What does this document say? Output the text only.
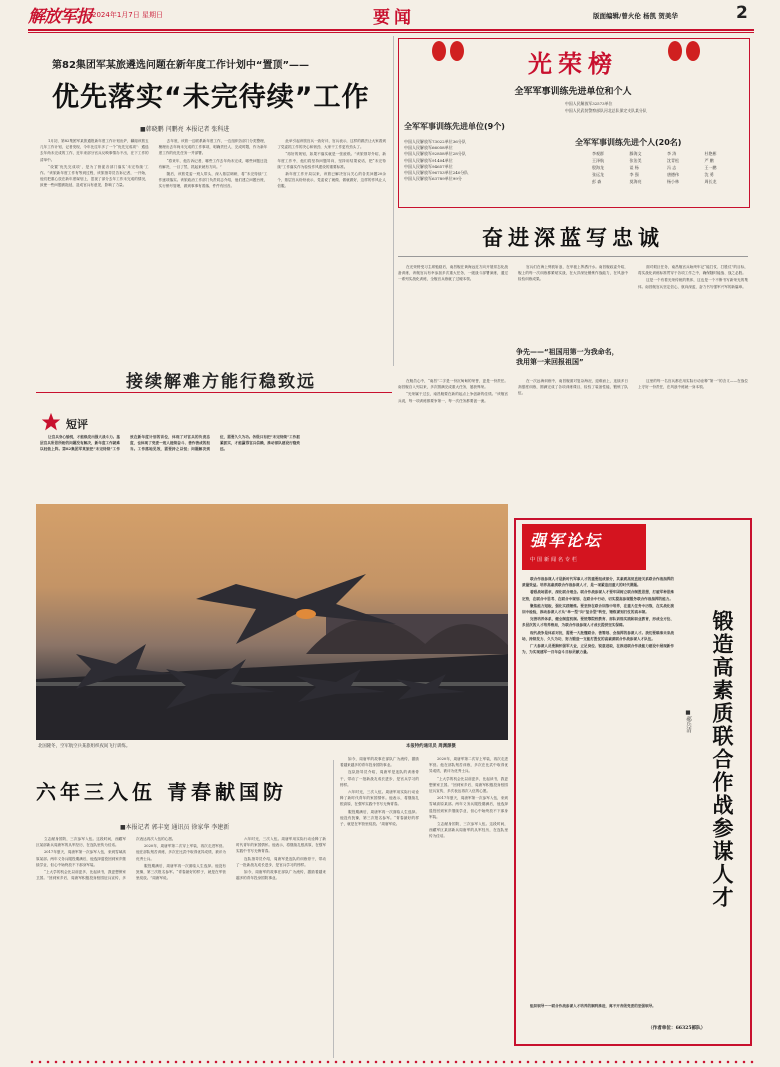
解放军报 2024年1月7日 星期日	要闻	版面编辑/曾火伦 杨凯 贺美华	2
第82集团军某旅遴选问题在新年度工作计划中“置顶”——
优先落实“未完待续”工作
■韩晓鹏 闫鹏亮 本报记者 张科进

1月初，第82集团军某旅通报新年度工作计划出炉，翻阅该旅五几年工作计划，记者发现，今年比往年多了一个“优先完成项”：遴选去年尚未完成的工作，近年来部分官兵反映事情办不出，在下工作的清单中。

“设置‘优先完成项’，是为了督促各部门落实‘未完待续’工作。”该旅新年度工作有等到过程，该旅指导员告诉记者，一开始，他们把重心放在新年度谋划上，忽视了部分去年工作未完成的情况，致使一些问题被拖延，造成官兵有意见，影响了力量。

去年底，该旅一边联系新年度工作，一边组织各部门分类整理，梳理出去年尚未完成的工作事项，明确责任人、完成时限，作为新年度工作的优先任务一并部署。

“将来年，他告诉记者，哪些工作去年尚未完成，哪些问题还没有解决，一目了然，抓起来就有方向。”

随后，该旅党委一班人带头，深入基层调研，将“未完待续”工作逐项落实。该旅政治工作部门负责同志介绍，他们建立问题台账，实行销号管理，做到事事有着落、件件有回音。

此举引起该旅官兵一致好评，官兵表示，这样的做法让大家看到了党委抓工作的决心和韧劲，大家干工作更有劲头了。

“再好的规划，如果不落实就是一张废纸。”该旅领导介绍，新年度工作中，他们将坚持问题导向，坚持用结果说话，把“未完待续”工作落实作为检验作风建设的重要标准。

新年度工作开局以来，该旅已解决官兵关心的各类问题20余个，基层官兵纷纷表示，党委说了就做、做就做好，这样的作风让人信服。

光荣榜
全军军事训练先进单位和个人
中国人民解放军32573单位
中国人民武装警察部队河北总队保定支队某分队
全军军事训练先进单位(9个)
全军军事训练先进个人(20名)
中国人民解放军73022单位36分队
中国人民解放军66058单位
中国人民解放军92858单位28分队
中国人民解放军91404单位
中国人民解放军94657单位
中国人民解放军96753单位240分队
中国人民解放军63789单位99分
李观群	滕海文	李 涛	杜艳彬
王泽航	张治美	沈青松	严 鹏
殷海龙	谈 杨	冯 志	王一鹏
张远龙	李 强	唐德伟	沈 勇
彭 森	莫海亮	杨小林	周长龙
奋进深蓝写忠诚

在光荣榜受习主席勉励后，南昌舰在黄海远近方向开展常态化战备训练，该舰官兵有幸参加多次重大任务，一级战斗部署演练，通过一系列实战化训练，全舰官兵练就了过硬本领。

官兵们在海上劈波斩浪，在甲板上挥洒汗水。南昌舰政委介绍，舰上的每一次训练都紧贴实战，在大洋深处锤炼作战能力，在风浪中检验训练成果。

面对艰巨任务，南昌舰官兵始终牢记“能打仗、打胜仗”的目标，将实战化训练标准贯穿于各项工作之中，确保随时能战、战之必胜。

这是一个有着光荣传统的集体，这也是一个不断书写新荣光的集体。南昌舰官兵坚定信心，航向深蓝，奋力书写强军兴军的新篇章。

争先——“祖国用第一为我命名，我用第一来回报祖国”

在舰员心中，“南昌”二字是一份沉甸甸的荣誉，更是一份责任。南昌舰自入列以来，多次圆满完成重大任务，屡获殊荣。

“光荣属于过去，南昌舰要在新的起点上争创新的佳绩。”该舰官兵说，每一项训练都要争第一，每一次任务都要创一流。

在一次远海训练中，南昌舰面对复杂海况，迎难而上，连续多日高强度训练，圆满完成了各项训练课目，检验了装备性能，锻炼了队伍。

这里的每一名官兵都在用实际行动诠释“第一”的含义——在战位上守好一份责任，在风浪中练就一身本领。

接续解难方能行稳致远
短评

让官兵身心愉悦，才能焕发出强大战斗力。基层官兵所思所盼的问题没有解决，新年度工作就难以轻装上阵。第82集团军某旅把“未完待续”工作放在新年度计划的首位，体现了对官兵的负责态度，也体现了党委一班人接续奋斗、善作善成的担当。工作落地见效，需要持之以恒；问题解决到位，需要久久为功。各级只有把“未完待续”工作抓紧抓实，才能赢得官兵信赖，推动部队建设行稳致远。

北国隆冬，空军航空兵某旅组织夜间飞行训练。	本报特约通讯员 周渊源摄
强军论坛
中国新闻名专栏
锻造高素质联合作战参谋人才
■郝兵清

联合作战参谋人才是新时代军事人才的重要组成部分，其素质高低直接关系联合作战指挥的质量效益。培养高素质联合作战参谋人才，是一项紧迫而重大的时代课题。

着眼战场需求，深化联合理念。联合作战参谋人才要牢固树立联合制胜思想，打破军种思维定势，在联合中思考、在联合中谋划、在联合中行动，切实提高参谋服务联合作战指挥的能力。

聚焦能力短板，强化实践锤炼。要坚持在联合训练中培养，在重大任务中历练，在实战化演训中检验，推动参谋人才从“单一型”向“复合型”转变，锤炼谋划打仗的真本领。

完善培养体系，健全制度机制。要统筹院校教育、部队训练实践和职业教育，形成全方位、多层次的人才培养格局，为联合作战参谋人才成长提供坚实保障。

现代战争是体系对抗，需要一大批懂联合、善筹划、会指挥的参谋人才。我们要瞄准未来战场，持续发力、久久为功，努力锻造一支能打胜仗的高素质联合作战参谋人才队伍。

广大参谋人员要胸怀强军大业，立足岗位、锐意进取，在推进联合作战能力建设中展现新作为，为实现建军一百年奋斗目标贡献力量。

组织领导——联合作战参谋人才培养的顺利推进，离不开各级党委的坚强领导。

（作者单位：66325部队）
六年三入伍 青春献国防
■本报记者 郭丰宽 通讯员 徐家华 李建新

立志献身国防，三次参军入伍。这段时间，西藏军区某部新兵周唐军的从军经历，在连队里传为佳话。

2017年夏天，周唐军第一次参军入伍，来到雪域高原某部。两年义务兵服役期满后，他选择退役回到家乡继续学业，但心中始终放不下那身军装。

“上大学的机会比以前更多，比起读书，我更想保家卫国。”回到家乡后，周唐军积极投身校园征兵宣传，多次表达再次入伍的心愿。

2020年，周唐军第二次穿上军装，再次走进军营。他在部队刻苦训练，多次在比武中取得优异成绩，被评为优秀士兵。

服役期满后，周唐军再一次面临人生选择。他没有犹豫，第三次报名参军。“青春最好的样子，就是在军营里绽放。”周唐军说。

六年时光，三次入伍。周唐军用实际行动诠释了新时代青年的家国情怀。他表示，将继续扎根高原，在强军实践中书写无悔青春。

连队指导员介绍，周唐军是连队的训练骨干，带动了一批新战友成长进步，是官兵学习的榜样。

如今，周唐军的故事在部队广为流传，激励着越来越多的青年投身国防事业。

如今，周唐军的故事在部队广为流传，激励着越来越多的青年投身国防事业。

连队指导员介绍，周唐军是连队的训练骨干，带动了一批新战友成长进步，是官兵学习的榜样。

六年时光，三次入伍。周唐军用实际行动诠释了新时代青年的家国情怀。他表示，将继续扎根高原，在强军实践中书写无悔青春。

服役期满后，周唐军再一次面临人生选择。他没有犹豫，第三次报名参军。“青春最好的样子，就是在军营里绽放。”周唐军说。

2020年，周唐军第二次穿上军装，再次走进军营。他在部队刻苦训练，多次在比武中取得优异成绩，被评为优秀士兵。

“上大学的机会比以前更多，比起读书，我更想保家卫国。”回到家乡后，周唐军积极投身校园征兵宣传，多次表达再次入伍的心愿。

2017年夏天，周唐军第一次参军入伍，来到雪域高原某部。两年义务兵服役期满后，他选择退役回到家乡继续学业，但心中始终放不下那身军装。

立志献身国防，三次参军入伍。这段时间，西藏军区某部新兵周唐军的从军经历，在连队里传为佳话。
